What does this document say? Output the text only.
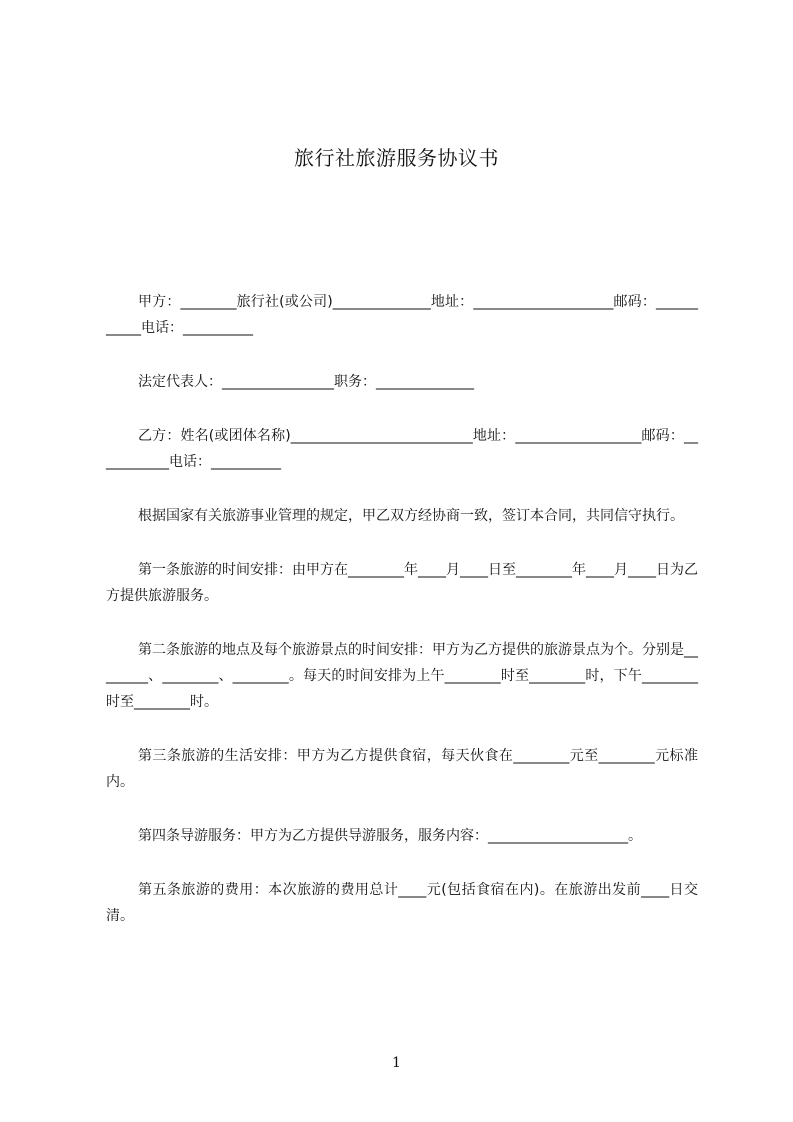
旅行社旅游服务协议书

甲方：________旅行社(或公司)______________地址：____________________邮码：___________电话：__________

法定代表人：________________职务：______________

乙方：姓名(或团体名称)__________________________地址：__________________邮码：___________电话：__________

根据国家有关旅游事业管理的规定，甲乙双方经协商一致，签订本合同，共同信守执行。

第一条旅游的时间安排：由甲方在________年____月____日至________年____月____日为乙方提供旅游服务。

第二条旅游的地点及每个旅游景点的时间安排：甲方为乙方提供的旅游景点为个。分别是________、________、________。每天的时间安排为上午________时至________时，下午________时至________时。

第三条旅游的生活安排：甲方为乙方提供食宿，每天伙食在________元至________元标准内。

第四条导游服务：甲方为乙方提供导游服务，服务内容：____________________。

第五条旅游的费用：本次旅游的费用总计____元(包括食宿在内)。在旅游出发前____日交清。

1
